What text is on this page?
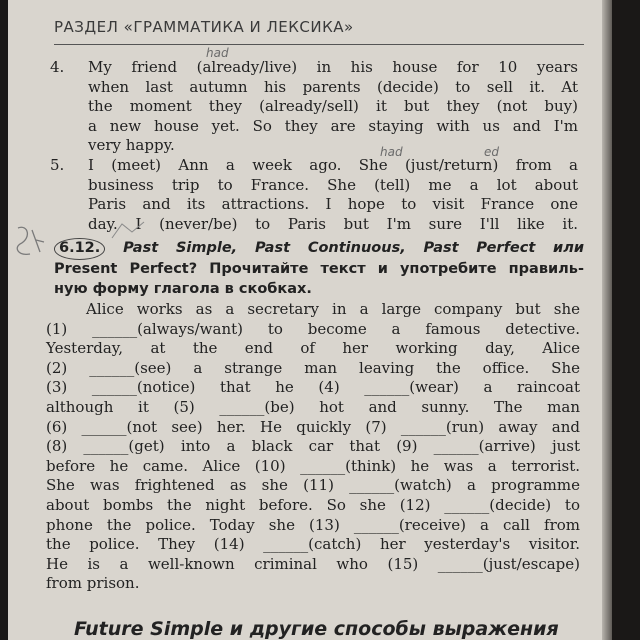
РАЗДЕЛ «ГРАММАТИКА И ЛЕКСИКА»
4. My friend (already/live) in his house for 10 years
when last autumn his parents (decide) to sell it. At
the moment they (already/sell) it but they (not buy)
a new house yet. So they are staying with us and I'm
very happy.
5. I (meet) Ann a week ago. She (just/return) from a
business trip to France. She (tell) me a lot about
Paris and its attractions. I hope to visit France one
day. I (never/be) to Paris but I'm sure I'll like it.
6.12. Past Simple, Past Continuous, Past Perfect или
Present Perfect? Прочитайте текст и употребите правиль-
ную форму глагола в скобках.
Alice works as a secretary in a large company but she
(1) ______(always/want) to become a famous detective.
Yesterday, at the end of her working day, Alice
(2) ______(see) a strange man leaving the office. She
(3) ______(notice) that he (4) ______(wear) a raincoat
although it (5) ______(be) hot and sunny. The man
(6) ______(not see) her. He quickly (7) ______(run) away and
(8) ______(get) into a black car that (9) ______(arrive) just
before he came. Alice (10) ______(think) he was a terrorist.
She was frightened as she (11) ______(watch) a programme
about bombs the night before. So she (12) ______(decide) to
phone the police. Today she (13) ______(receive) a call from
the police. They (14) ______(catch) her yesterday's visitor.
He is a well-known criminal who (15) ______(just/escape)
from prison.
Future Simple и другие способы выражения
had
had	ed
